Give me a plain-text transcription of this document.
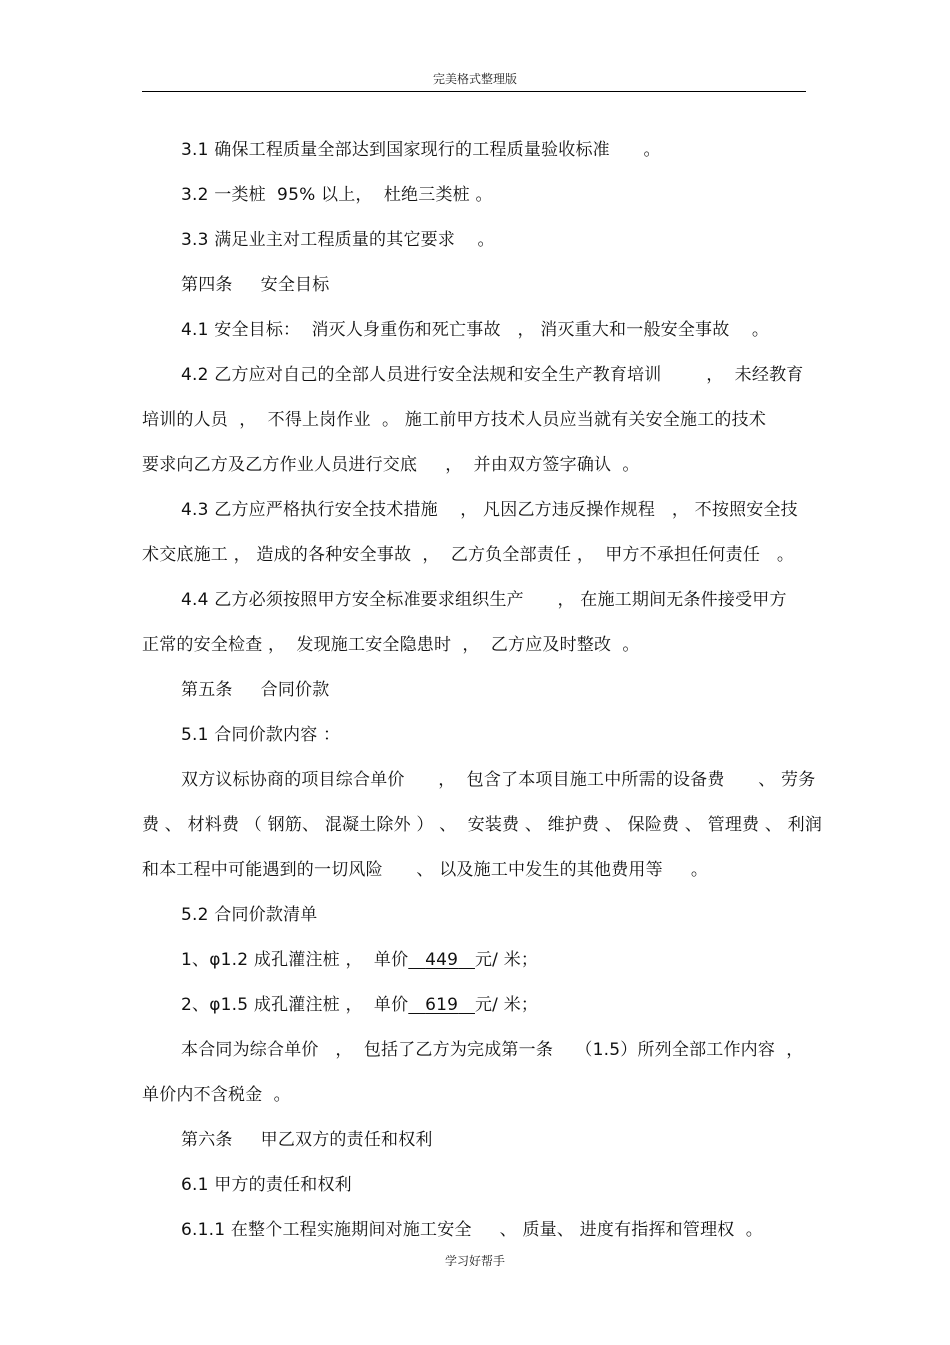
完美格式整理版

3.1 确保工程质量全部达到国家现行的工程质量验收标准      。

3.2 一类桩  95% 以上，  杜绝三类桩 。

3.3 满足业主对工程质量的其它要求    。

第四条     安全目标

4.1 安全目标：  消灭人身重伤和死亡事故   ， 消灭重大和一般安全事故    。

4.2 乙方应对自己的全部人员进行安全法规和安全生产教育培训        ，  未经教育

培训的人员  ，  不得上岗作业  。 施工前甲方技术人员应当就有关安全施工的技术

要求向乙方及乙方作业人员进行交底     ，  并由双方签字确认  。

4.3 乙方应严格执行安全技术措施    ， 凡因乙方违反操作规程   ， 不按照安全技

术交底施工 ， 造成的各种安全事故  ，  乙方负全部责任 ，  甲方不承担任何责任   。

4.4 乙方必须按照甲方安全标准要求组织生产      ， 在施工期间无条件接受甲方

正常的安全检查 ，  发现施工安全隐患时  ，  乙方应及时整改  。

第五条     合同价款

5.1 合同价款内容 ：

双方议标协商的项目综合单价      ，  包含了本项目施工中所需的设备费      、 劳务

费 、 材料费 （ 钢筋、 混凝土除外 ） 、  安装费 、 维护费 、 保险费 、 管理费 、 利润

和本工程中可能遇到的一切风险      、 以及施工中发生的其他费用等     。

5.2 合同价款清单

1、φ1.2 成孔灌注桩 ，  单价 449 元/ 米；

2、φ1.5 成孔灌注桩 ，  单价 619 元/ 米；

本合同为综合单价   ，  包括了乙方为完成第一条    （1.5）所列全部工作内容  ，

单价内不含税金  。

第六条     甲乙双方的责任和权利

6.1 甲方的责任和权利

6.1.1 在整个工程实施期间对施工安全     、 质量、 进度有指挥和管理权  。

学习好帮手
